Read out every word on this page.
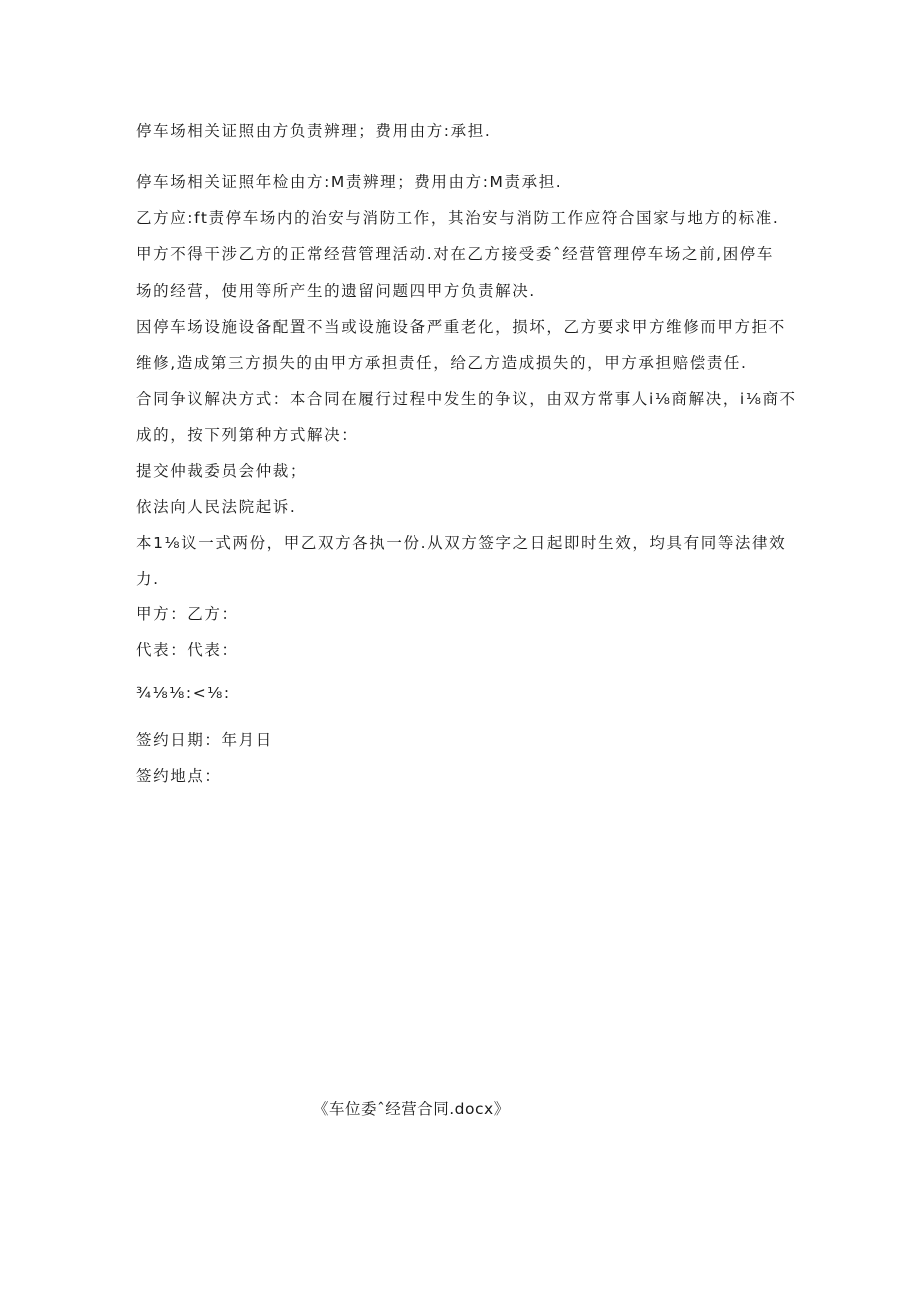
停车场相关证照由方负责辨理；费用由方:承担.
停车场相关证照年检由方:M责辨理；费用由方:M责承担.
乙方应:ft责停车场内的治安与消防工作，其治安与消防工作应符合国家与地方的标准.
甲方不得干涉乙方的正常经营管理活动.对在乙方接受委ˆ经营管理停车场之前,困停车
场的经营，使用等所产生的遗留问题四甲方负责解决.
因停车场设施设备配置不当或设施设备严重老化，损坏，乙方要求甲方维修而甲方拒不
维修,造成第三方损失的由甲方承担责任，给乙方造成损失的，甲方承担赔偿责任.
合同争议解决方式：本合同在履行过程中发生的争议，由双方常事人i⅛商解决，i⅛商不
成的，按下列第种方式解决：
提交仲裁委员会仲裁；
依法向人民法院起诉.
本1⅛议一式两份，甲乙双方各执一份.从双方签字之日起即时生效，均具有同等法律效
力.
甲方：乙方：
代表：代表：
¾⅛⅛:<⅛:
签约日期：年月日
签约地点：
《车位委ˆ经营合同.docx》
